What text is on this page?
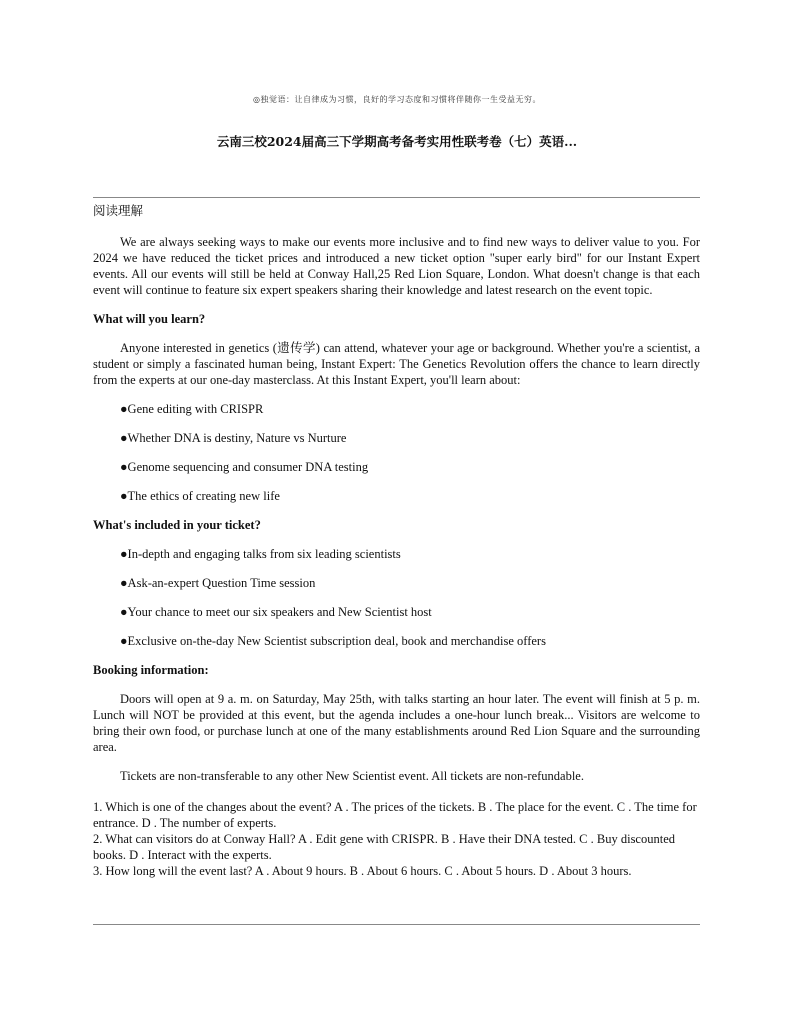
◎独觉语：让自律成为习惯，良好的学习态度和习惯将伴随你一生受益无穷。
云南三校2024届高三下学期高考备考实用性联考卷（七）英语...
阅读理解

We are always seeking ways to make our events more inclusive and to find new ways to deliver value to you. For 2024 we have reduced the ticket prices and introduced a new ticket option "super early bird" for our Instant Expert events. All our events will still be held at Conway Hall,25 Red Lion Square, London. What doesn't change is that each event will continue to feature six expert speakers sharing their knowledge and latest research on the event topic.

What will you learn?

Anyone interested in genetics (遗传学) can attend, whatever your age or background. Whether you're a scientist, a student or simply a fascinated human being, Instant Expert: The Genetics Revolution offers the chance to learn directly from the experts at our one-day masterclass. At this Instant Expert, you'll learn about:

●Gene editing with CRISPR
●Whether DNA is destiny, Nature vs Nurture
●Genome sequencing and consumer DNA testing
●The ethics of creating new life
What's included in your ticket?
●In-depth and engaging talks from six leading scientists
●Ask-an-expert Question Time session
●Your chance to meet our six speakers and New Scientist host
●Exclusive on-the-day New Scientist subscription deal, book and merchandise offers
Booking information:

Doors will open at 9 a. m. on Saturday, May 25th, with talks starting an hour later. The event will finish at 5 p. m. Lunch will NOT be provided at this event, but the agenda includes a one-hour lunch break... Visitors are welcome to bring their own food, or purchase lunch at one of the many establishments around Red Lion Square and the surrounding area.

Tickets are non-transferable to any other New Scientist event. All tickets are non-refundable.

1. Which is one of the changes about the event? A . The prices of the tickets. B . The place for the event. C . The time for entrance. D . The number of experts.

2. What can visitors do at Conway Hall? A . Edit gene with CRISPR. B . Have their DNA tested. C . Buy discounted books. D . Interact with the experts.

3. How long will the event last? A . About 9 hours. B . About 6 hours. C . About 5 hours. D . About 3 hours.
